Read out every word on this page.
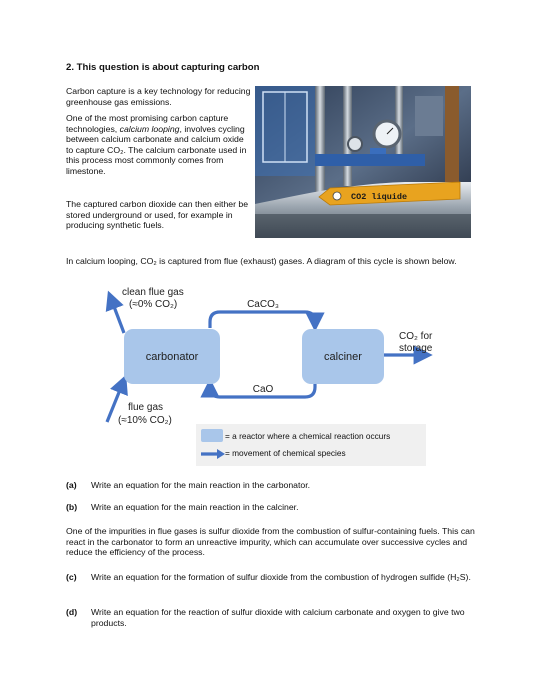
2. This question is about capturing carbon
Carbon capture is a key technology for reducing greenhouse gas emissions.
One of the most promising carbon capture technologies, calcium looping, involves cycling between calcium carbonate and calcium oxide to capture CO₂. The calcium carbonate used in this process most commonly comes from limestone.
The captured carbon dioxide can then either be stored underground or used, for example in producing synthetic fuels.
CO2 liquide
In calcium looping, CO₂ is captured from flue (exhaust) gases. A diagram of this cycle is shown below.
carbonator	calciner
CaCO₃
CaO
clean flue gas
(≈0% CO₂)
flue gas
(≈10% CO₂)
CO₂ for
storage
= a reactor where a chemical reaction occurs
= movement of chemical species
(a) Write an equation for the main reaction in the carbonator.
(b) Write an equation for the main reaction in the calciner.
One of the impurities in flue gases is sulfur dioxide from the combustion of sulfur-containing fuels. This can react in the carbonator to form an unreactive impurity, which can accumulate over successive cycles and reduce the efficiency of the process.
(c) Write an equation for the formation of sulfur dioxide from the combustion of hydrogen sulfide (H₂S).
(d) Write an equation for the reaction of sulfur dioxide with calcium carbonate and oxygen to give two products.
